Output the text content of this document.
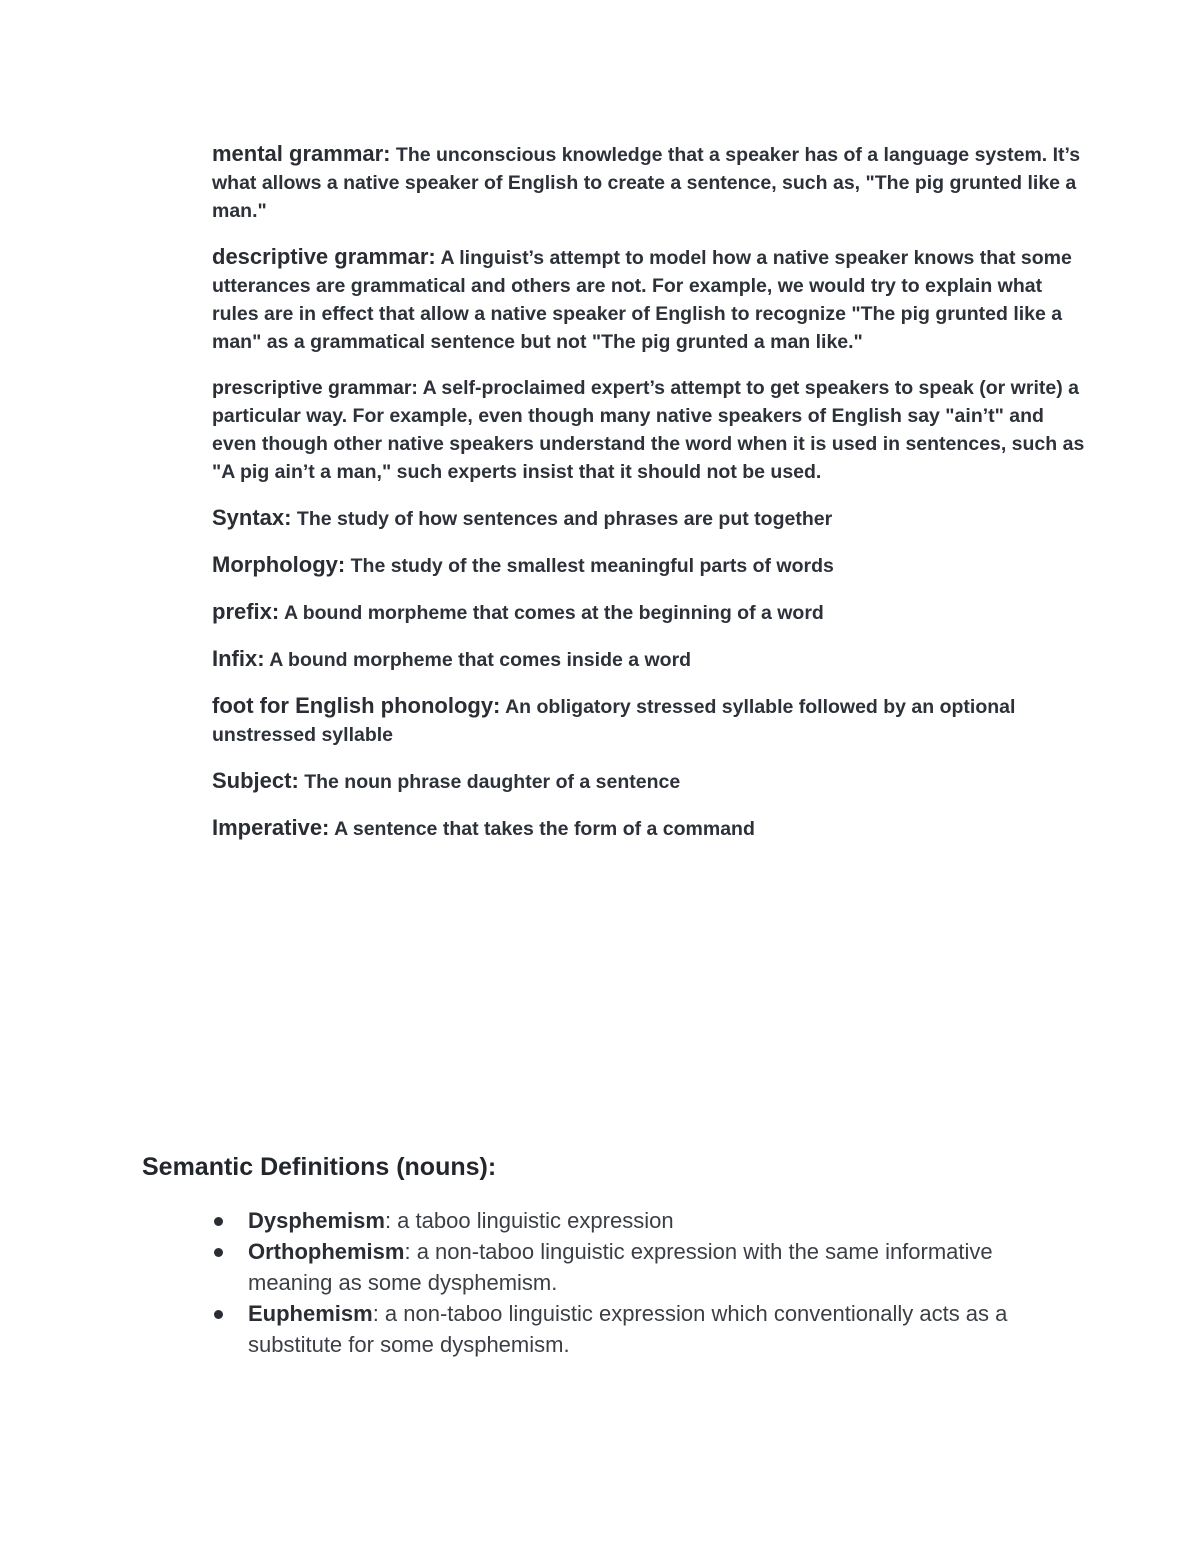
mental grammar: The unconscious knowledge that a speaker has of a language system. It’s what allows a native speaker of English to create a sentence, such as, "The pig grunted like a man."

descriptive grammar: A linguist’s attempt to model how a native speaker knows that some utterances are grammatical and others are not. For example, we would try to explain what rules are in effect that allow a native speaker of English to recognize "The pig grunted like a man" as a grammatical sentence but not "The pig grunted a man like."

prescriptive grammar: A self-proclaimed expert’s attempt to get speakers to speak (or write) a particular way. For example, even though many native speakers of English say "ain’t" and even though other native speakers understand the word when it is used in sentences, such as "A pig ain’t a man," such experts insist that it should not be used.

Syntax: The study of how sentences and phrases are put together

Morphology: The study of the smallest meaningful parts of words

prefix: A bound morpheme that comes at the beginning of a word

Infix: A bound morpheme that comes inside a word

foot for English phonology: An obligatory stressed syllable followed by an optional unstressed syllable

Subject: The noun phrase daughter of a sentence

Imperative: A sentence that takes the form of a command

Semantic Definitions (nouns):
Dysphemism: a taboo linguistic expression
Orthophemism: a non-taboo linguistic expression with the same informative meaning as some dysphemism.
Euphemism: a non-taboo linguistic expression which conventionally acts as a substitute for some dysphemism.
